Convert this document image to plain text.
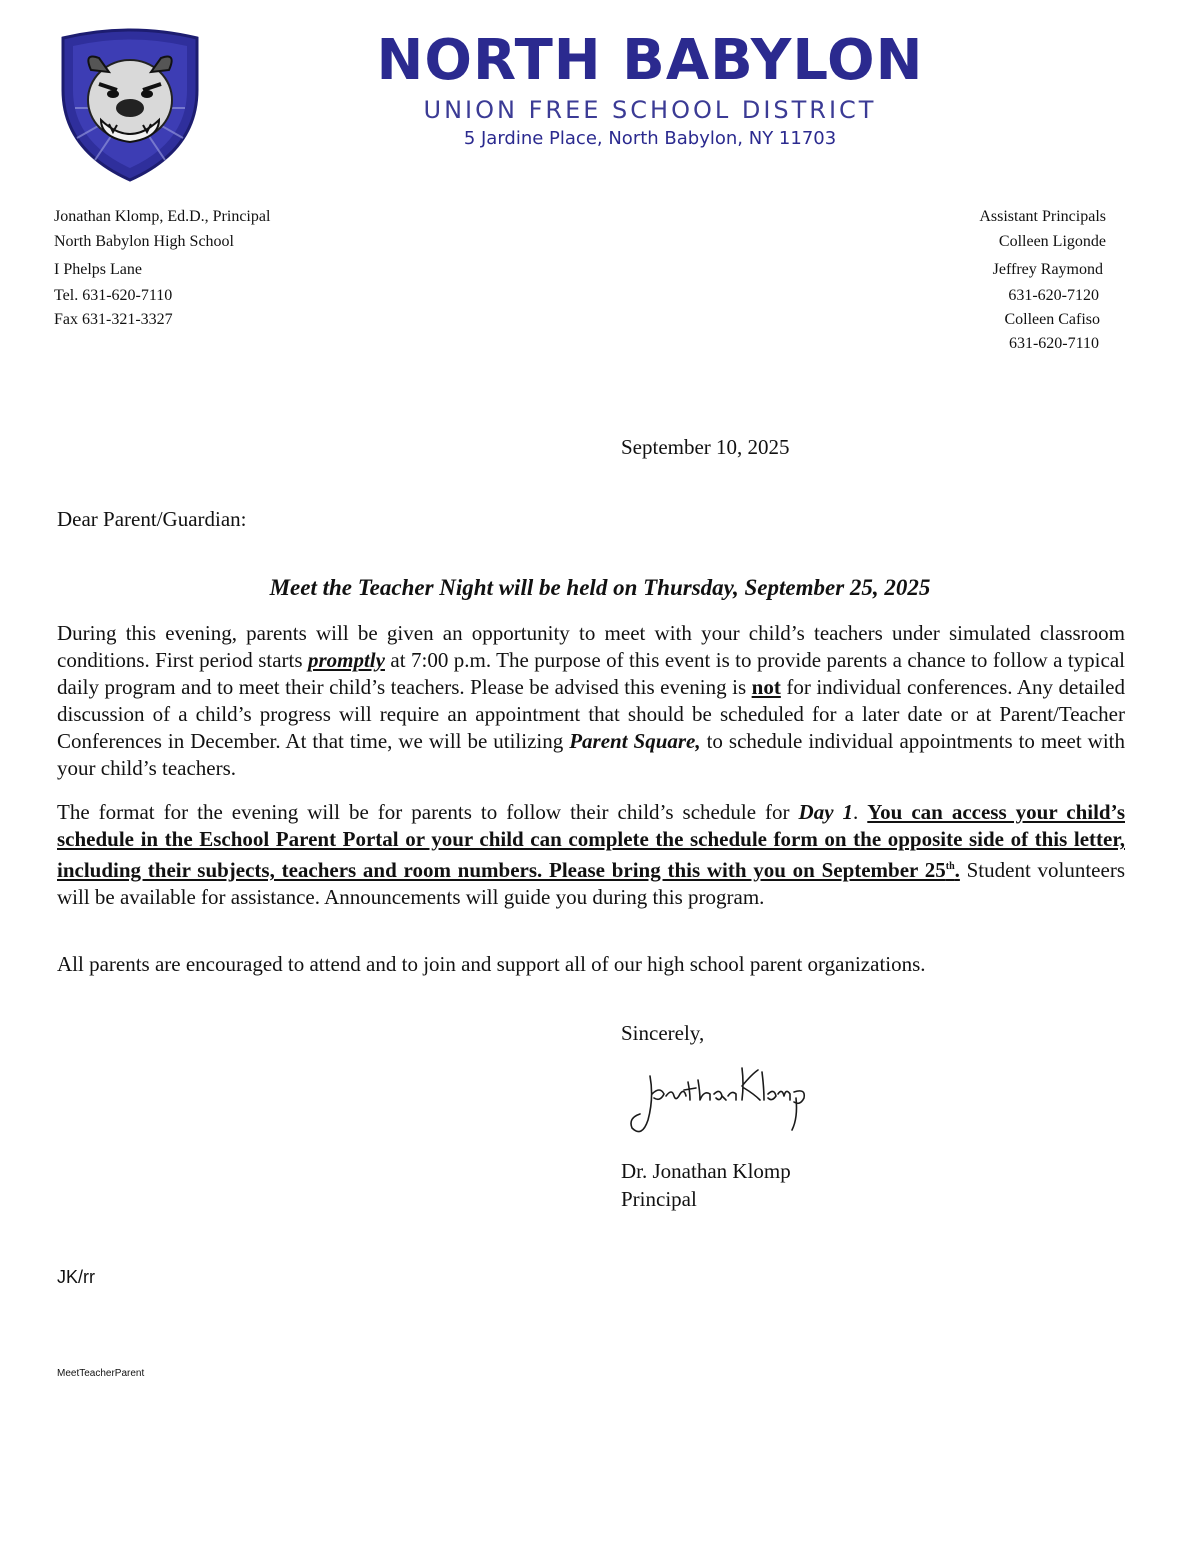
NORTH BABYLON
UNION FREE SCHOOL DISTRICT
5 Jardine Place, North Babylon, NY 11703
Jonathan Klomp, Ed.D., Principal
North Babylon High School
I Phelps Lane
Tel. 631-620-7110
Fax 631-321-3327
Assistant Principals
Colleen Ligonde
Jeffrey Raymond
631-620-7120
Colleen Cafiso
631-620-7110
September 10, 2025
Dear Parent/Guardian:
Meet the Teacher Night will be held on Thursday, September 25, 2025
During this evening, parents will be given an opportunity to meet with your child’s teachers under simulated classroom conditions. First period starts promptly at 7:00 p.m. The purpose of this event is to provide parents a chance to follow a typical daily program and to meet their child’s teachers. Please be advised this evening is not for individual conferences. Any detailed discussion of a child’s progress will require an appointment that should be scheduled for a later date or at Parent/Teacher Conferences in December. At that time, we will be utilizing Parent Square, to schedule individual appointments to meet with your child’s teachers.
The format for the evening will be for parents to follow their child’s schedule for Day 1. You can access your child’s schedule in the Eschool Parent Portal or your child can complete the schedule form on the opposite side of this letter, including their subjects, teachers and room numbers. Please bring this with you on September 25th. Student volunteers will be available for assistance. Announcements will guide you during this program.
All parents are encouraged to attend and to join and support all of our high school parent organizations.
Sincerely,
Dr. Jonathan Klomp
Principal
JK/rr
MeetTeacherParent
